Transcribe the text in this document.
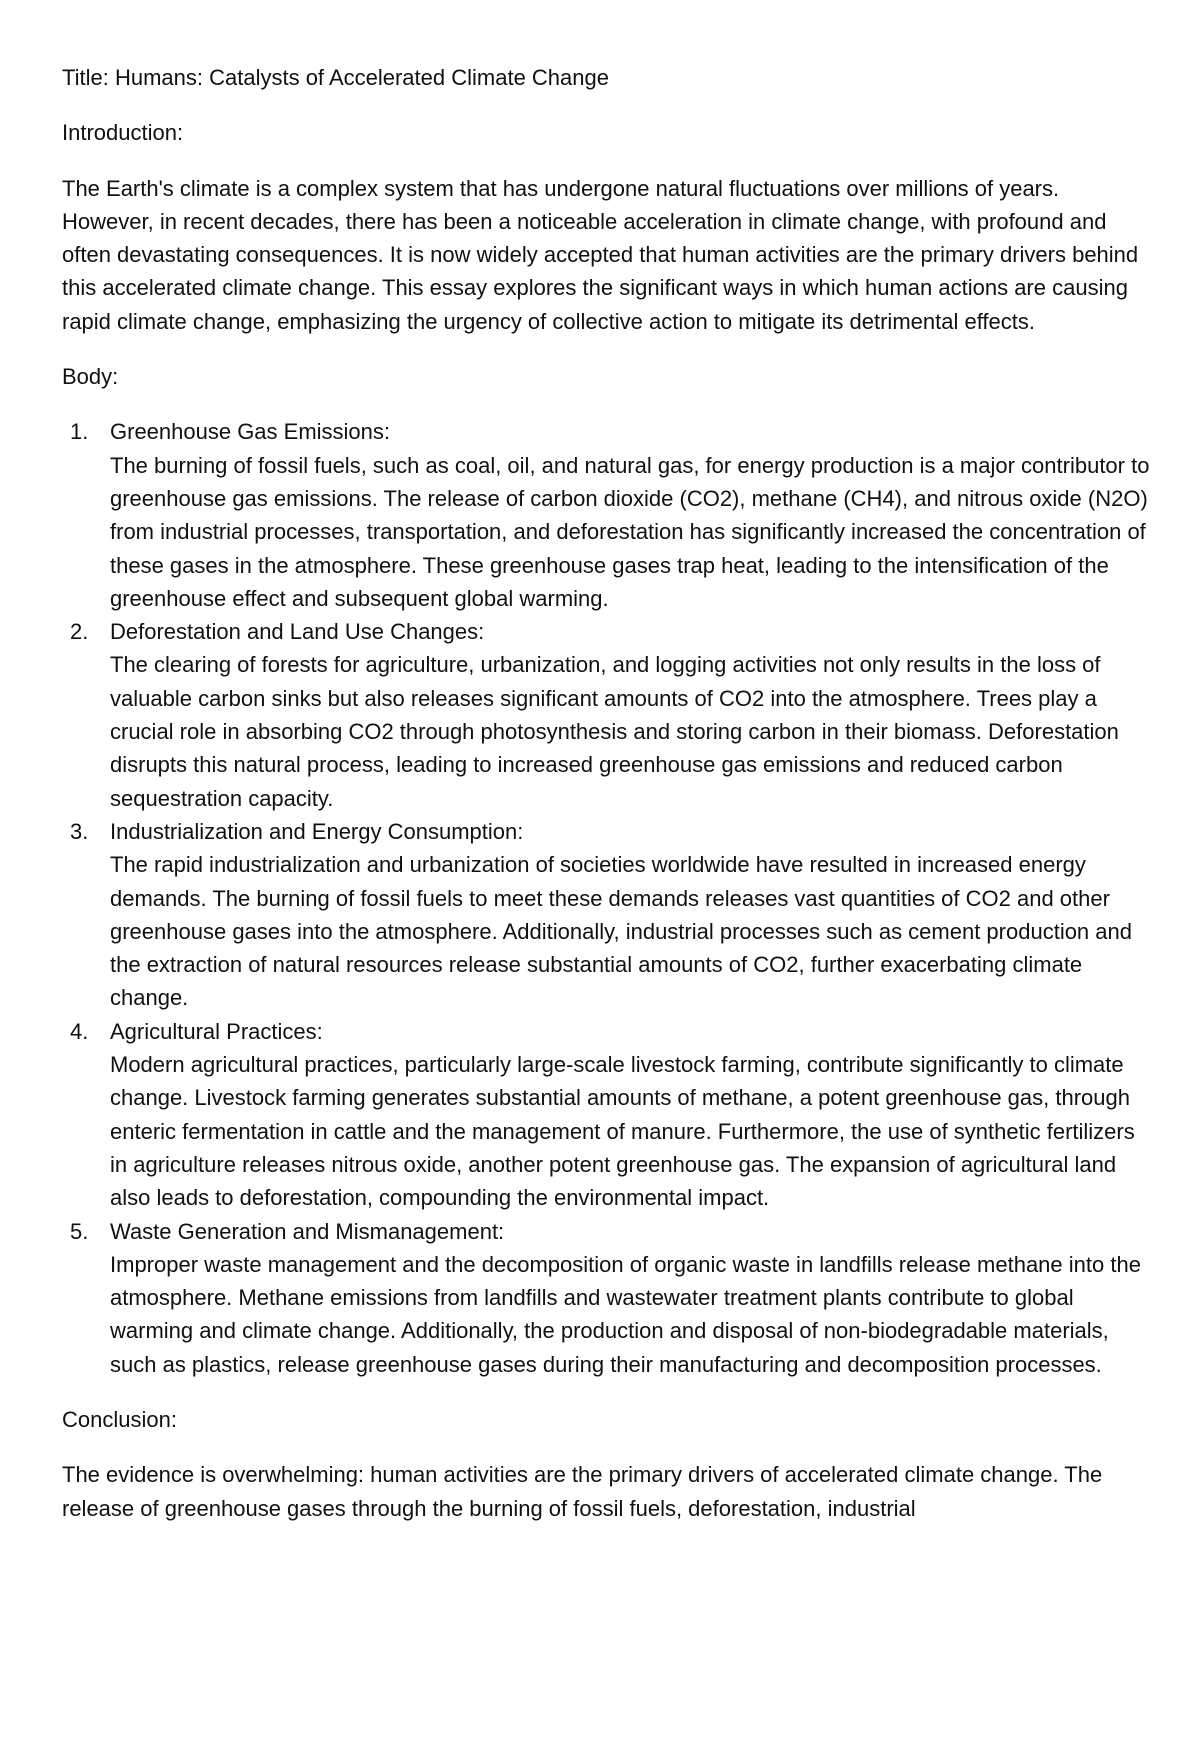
Title: Humans: Catalysts of Accelerated Climate Change
Introduction:
The Earth's climate is a complex system that has undergone natural fluctuations over millions of years. However, in recent decades, there has been a noticeable acceleration in climate change, with profound and often devastating consequences. It is now widely accepted that human activities are the primary drivers behind this accelerated climate change. This essay explores the significant ways in which human actions are causing rapid climate change, emphasizing the urgency of collective action to mitigate its detrimental effects.
Body:
1. Greenhouse Gas Emissions:
The burning of fossil fuels, such as coal, oil, and natural gas, for energy production is a major contributor to greenhouse gas emissions. The release of carbon dioxide (CO2), methane (CH4), and nitrous oxide (N2O) from industrial processes, transportation, and deforestation has significantly increased the concentration of these gases in the atmosphere. These greenhouse gases trap heat, leading to the intensification of the greenhouse effect and subsequent global warming.
2. Deforestation and Land Use Changes:
The clearing of forests for agriculture, urbanization, and logging activities not only results in the loss of valuable carbon sinks but also releases significant amounts of CO2 into the atmosphere. Trees play a crucial role in absorbing CO2 through photosynthesis and storing carbon in their biomass. Deforestation disrupts this natural process, leading to increased greenhouse gas emissions and reduced carbon sequestration capacity.
3. Industrialization and Energy Consumption:
The rapid industrialization and urbanization of societies worldwide have resulted in increased energy demands. The burning of fossil fuels to meet these demands releases vast quantities of CO2 and other greenhouse gases into the atmosphere. Additionally, industrial processes such as cement production and the extraction of natural resources release substantial amounts of CO2, further exacerbating climate change.
4. Agricultural Practices:
Modern agricultural practices, particularly large-scale livestock farming, contribute significantly to climate change. Livestock farming generates substantial amounts of methane, a potent greenhouse gas, through enteric fermentation in cattle and the management of manure. Furthermore, the use of synthetic fertilizers in agriculture releases nitrous oxide, another potent greenhouse gas. The expansion of agricultural land also leads to deforestation, compounding the environmental impact.
5. Waste Generation and Mismanagement:
Improper waste management and the decomposition of organic waste in landfills release methane into the atmosphere. Methane emissions from landfills and wastewater treatment plants contribute to global warming and climate change. Additionally, the production and disposal of non-biodegradable materials, such as plastics, release greenhouse gases during their manufacturing and decomposition processes.
Conclusion:
The evidence is overwhelming: human activities are the primary drivers of accelerated climate change. The release of greenhouse gases through the burning of fossil fuels, deforestation, industrial
